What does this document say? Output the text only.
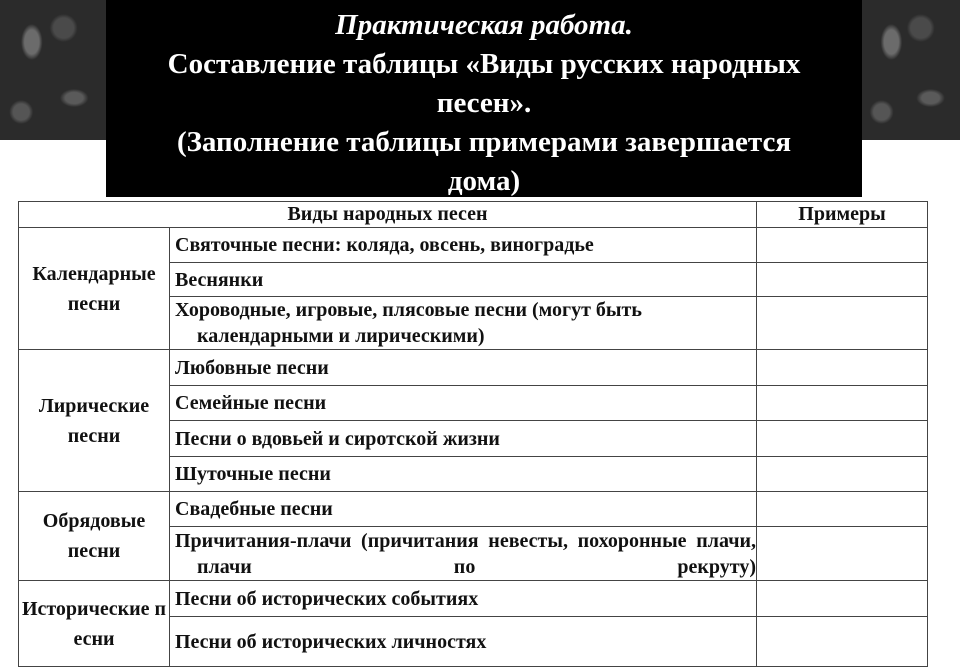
Практическая работа.
Составление таблицы «Виды русских народных
песен».
(Заполнение таблицы примерами завершается
дома)
Виды народных песен		Примеры
Календарные песни	Святочные песни: коляда, овсень, виноградье	
	Веснянки	

	Хороводные, игровые, плясовые песни (могут быть календарными и лирическими)	

Лирические песни	Любовные песни	
	Семейные песни	
	Песни о вдовьей и сиротской жизни	
	Шуточные песни	
Обрядовые песни	Свадебные песни	

	Причитания-плачи (причитания невесты, похоронные плачи, плачи по рекруту)	

Историчеcкие песни	Песни об исторических событиях	
	Песни об исторических личностях	
